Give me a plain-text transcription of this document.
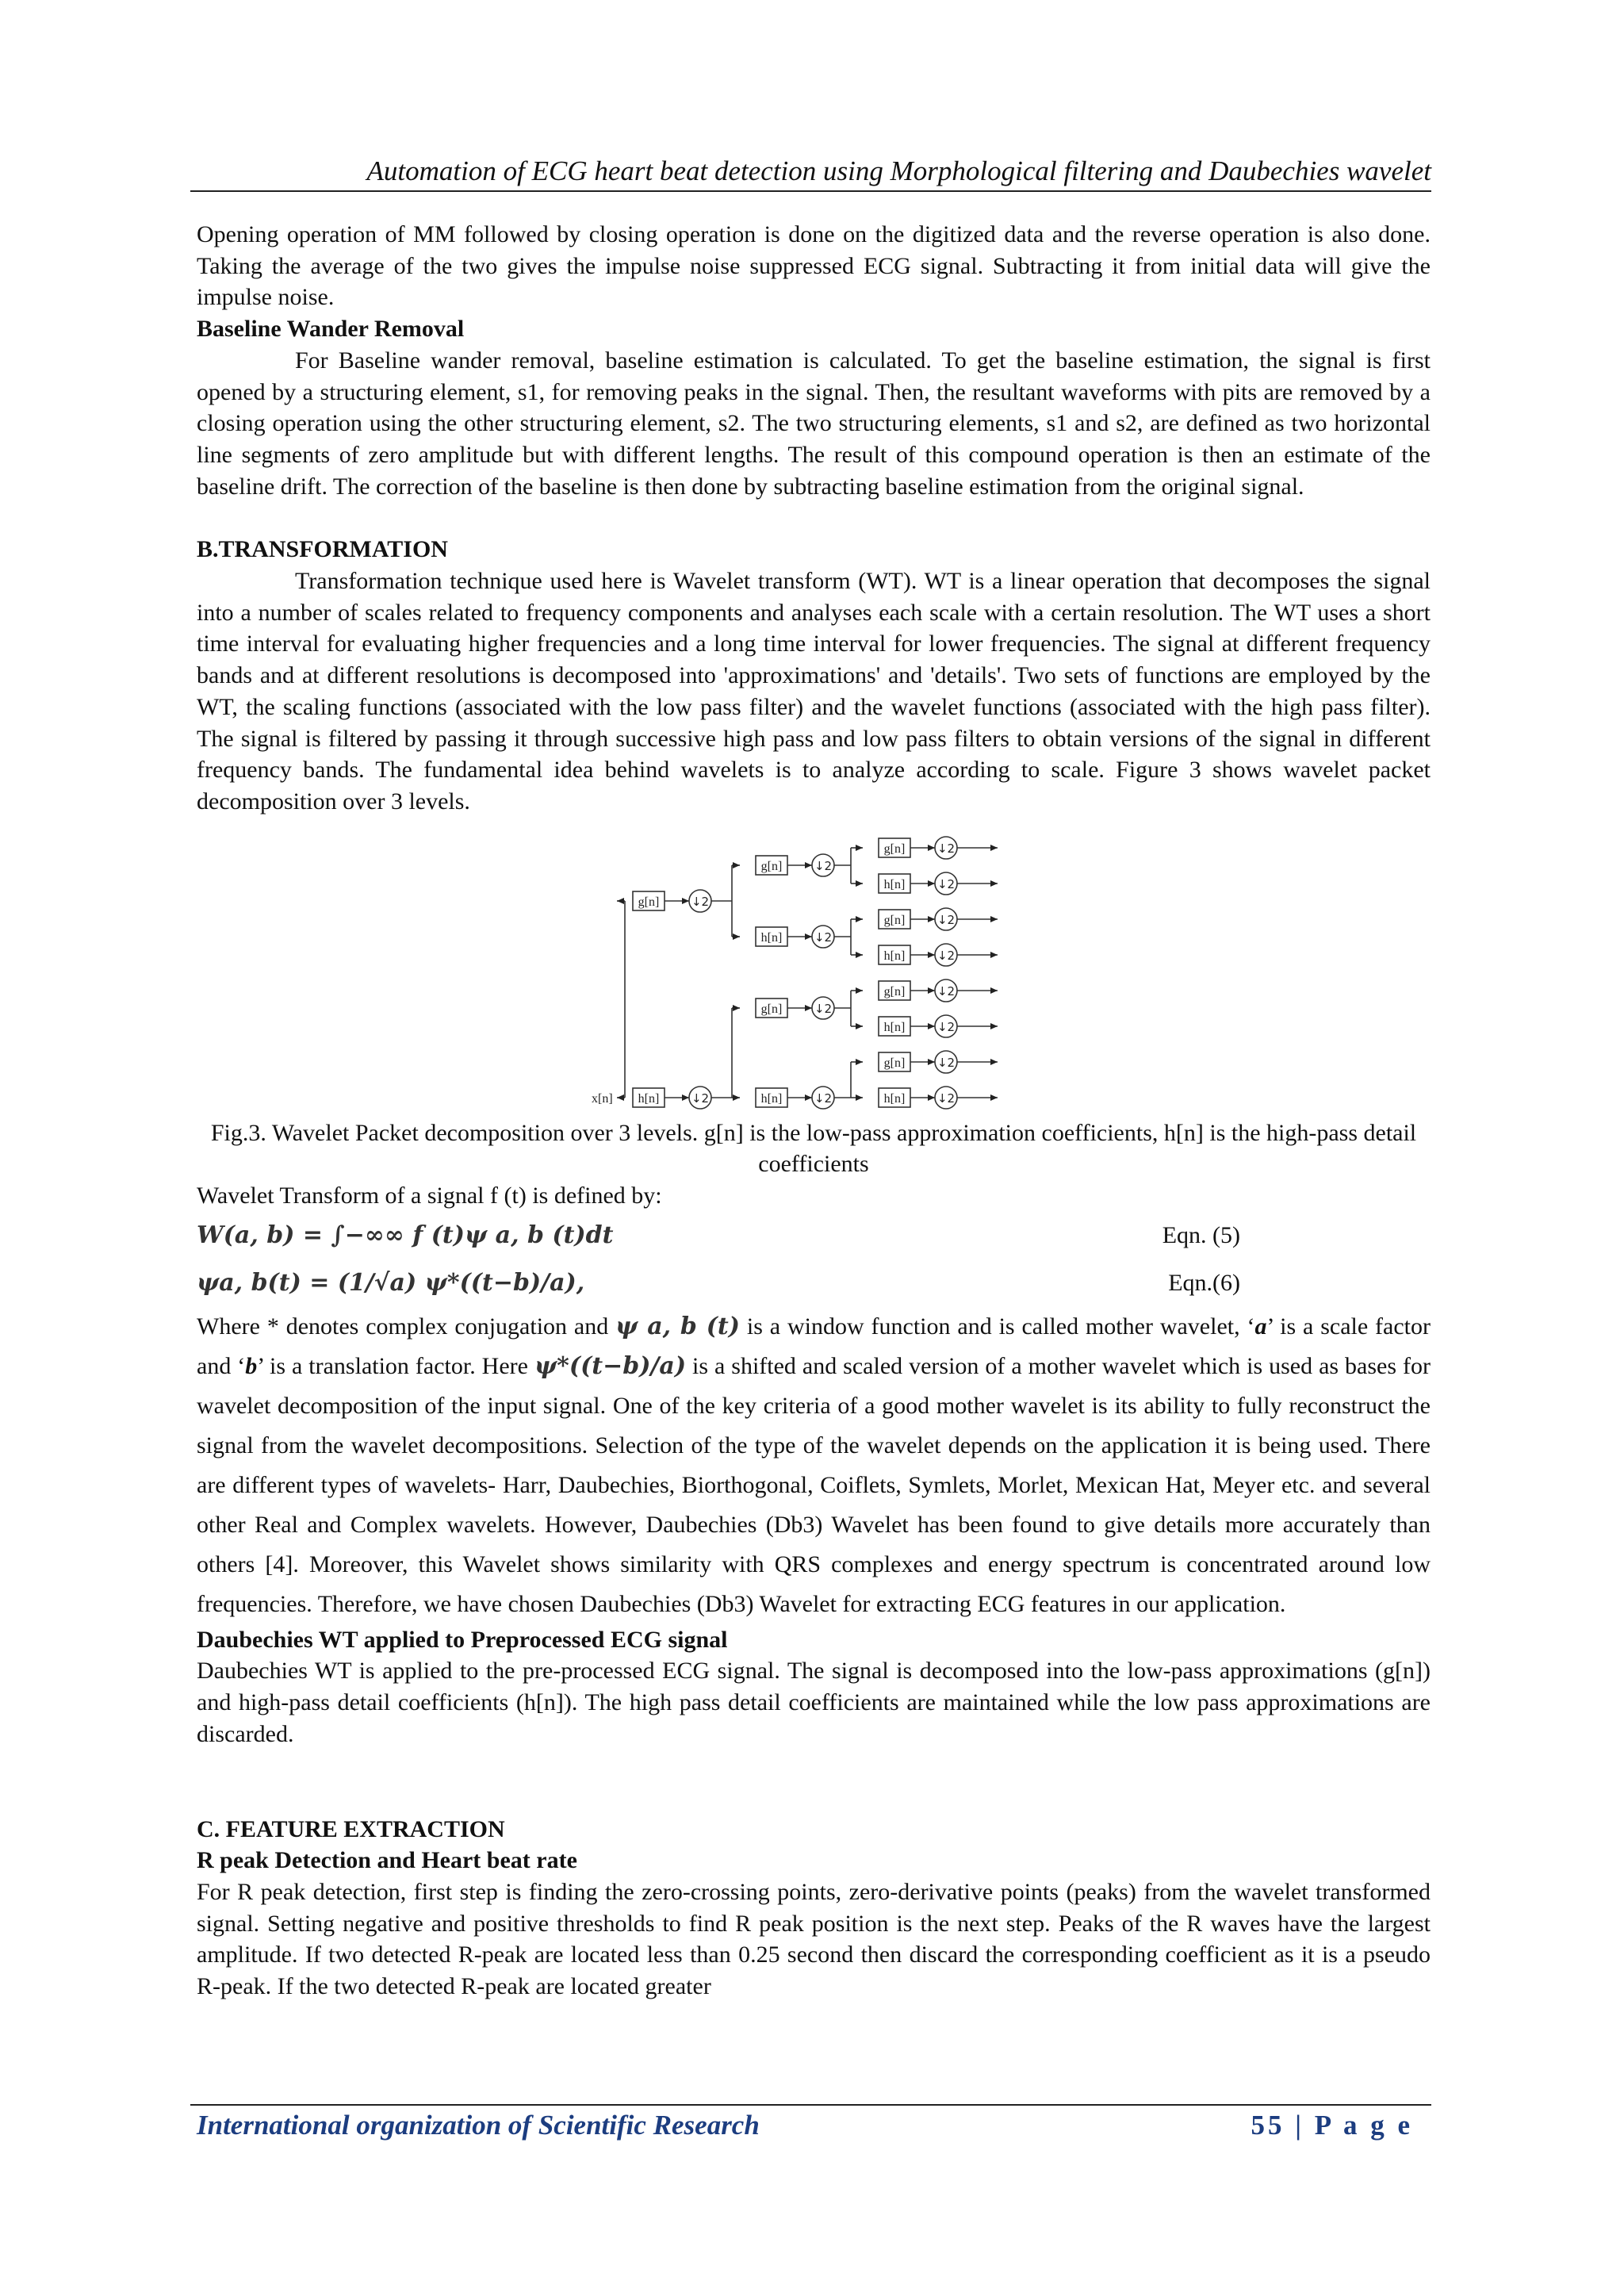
Automation of ECG heart beat detection using Morphological filtering and Daubechies wavelet

Opening operation of MM followed by closing operation is done on the digitized data and the reverse operation is also done. Taking the average of the two gives the impulse noise suppressed ECG signal. Subtracting it from initial data will give the impulse noise.

Baseline Wander Removal

For Baseline wander removal, baseline estimation is calculated. To get the baseline estimation, the signal is first opened by a structuring element, s1, for removing peaks in the signal. Then, the resultant waveforms with pits are removed by a closing operation using the other structuring element, s2. The two structuring elements, s1 and s2, are defined as two horizontal line segments of zero amplitude but with different lengths. The result of this compound operation is then an estimate of the baseline drift. The correction of the baseline is then done by subtracting baseline estimation from the original signal.

B.TRANSFORMATION

Transformation technique used here is Wavelet transform (WT). WT is a linear operation that decomposes the signal into a number of scales related to frequency components and analyses each scale with a certain resolution. The WT uses a short time interval for evaluating higher frequencies and a long time interval for lower frequencies. The signal at different frequency bands and at different resolutions is decomposed into 'approximations' and 'details'. Two sets of functions are employed by the WT, the scaling functions (associated with the low pass filter) and the wavelet functions (associated with the high pass filter). The signal is filtered by passing it through successive high pass and low pass filters to obtain versions of the signal in different frequency bands. The fundamental idea behind wavelets is to analyze according to scale. Figure 3 shows wavelet packet decomposition over 3 levels.

x[n]
g[n]	↓2
h[n]	↓2
g[n]	↓2
h[n]	↓2
g[n]	↓2
h[n]	↓2
g[n]	↓2
h[n]	↓2
g[n]	↓2
h[n]	↓2
g[n]	↓2
h[n]	↓2
g[n]	↓2
h[n]	↓2

Fig.3. Wavelet Packet decomposition over 3 levels. g[n] is the low-pass approximation coefficients, h[n] is the high-pass detail coefficients

Wavelet Transform of a signal f (t) is defined by:

W(a, b) = ∫−∞∞ f (t)ψ a, b (t)dt	Eqn. (5)
ψa, b(t) = (1/√a) ψ*((t−b)/a),	Eqn.(6)

Where * denotes complex conjugation and ψ a, b (t) is a window function and is called mother wavelet, ‘a’ is a scale factor and ‘b’ is a translation factor. Here ψ*((t−b)/a) is a shifted and scaled version of a mother wavelet which is used as bases for wavelet decomposition of the input signal. One of the key criteria of a good mother wavelet is its ability to fully reconstruct the signal from the wavelet decompositions. Selection of the type of the wavelet depends on the application it is being used. There are different types of wavelets- Harr, Daubechies, Biorthogonal, Coiflets, Symlets, Morlet, Mexican Hat, Meyer etc. and several other Real and Complex wavelets. However, Daubechies (Db3) Wavelet has been found to give details more accurately than others [4]. Moreover, this Wavelet shows similarity with QRS complexes and energy spectrum is concentrated around low frequencies. Therefore, we have chosen Daubechies (Db3) Wavelet for extracting ECG features in our application.

Daubechies WT applied to Preprocessed ECG signal

Daubechies WT is applied to the pre-processed ECG signal. The signal is decomposed into the low-pass approximations (g[n]) and high-pass detail coefficients (h[n]). The high pass detail coefficients are maintained while the low pass approximations are discarded.

C. FEATURE EXTRACTION
R peak Detection and Heart beat rate

For R peak detection, first step is finding the zero-crossing points, zero-derivative points (peaks) from the wavelet transformed signal. Setting negative and positive thresholds to find R peak position is the next step. Peaks of the R waves have the largest amplitude. If two detected R-peak are located less than 0.25 second then discard the corresponding coefficient as it is a pseudo R-peak. If the two detected R-peak are located greater

International organization of Scientific Research	55 | P a g e
